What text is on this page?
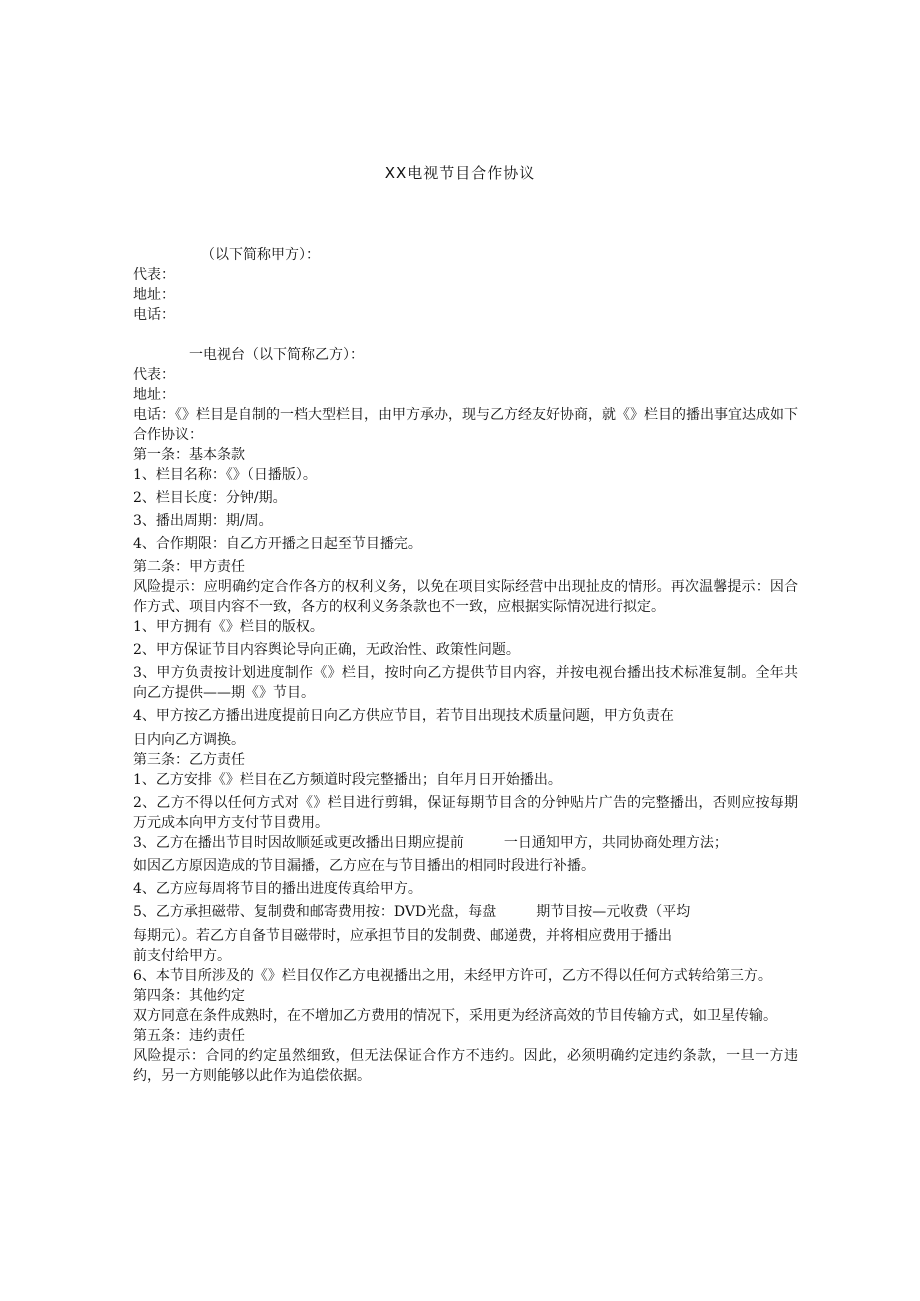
XX电视节目合作协议
（以下简称甲方）：
代表：
地址：
电话：
一电视台（以下简称乙方）：
代表：
地址：
电话：《》栏目是自制的一档大型栏目，由甲方承办，现与乙方经友好协商，就《》栏目的播出事宜达成如下合作协议：
第一条：基本条款
1、栏目名称：《》（日播版）。
2、栏目长度：分钟/期。
3、播出周期：期/周。
4、合作期限：自乙方开播之日起至节目播完。
第二条：甲方责任
风险提示：应明确约定合作各方的权利义务，以免在项目实际经营中出现扯皮的情形。再次温馨提示：因合作方式、项目内容不一致，各方的权利义务条款也不一致，应根据实际情况进行拟定。
1、甲方拥有《》栏目的版权。
2、甲方保证节目内容舆论导向正确，无政治性、政策性问题。
3、甲方负责按计划进度制作《》栏目，按时向乙方提供节目内容，并按电视台播出技术标准复制。全年共向乙方提供——期《》节目。
4、甲方按乙方播出进度提前日向乙方供应节目，若节目出现技术质量问题，甲方负责在
日内向乙方调换。
第三条：乙方责任
1、乙方安排《》栏目在乙方频道时段完整播出；自年月日开始播出。
2、乙方不得以任何方式对《》栏目进行剪辑，保证每期节目含的分钟贴片广告的完整播出，否则应按每期万元成本向甲方支付节目费用。
3、乙方在播出节目时因故顺延或更改播出日期应提前	一日通知甲方，共同协商处理方法；
如因乙方原因造成的节目漏播，乙方应在与节目播出的相同时段进行补播。
4、乙方应每周将节目的播出进度传真给甲方。
5、乙方承担磁带、复制费和邮寄费用按：DVD光盘，每盘	期节目按—元收费（平均
每期元）。若乙方自备节目磁带时，应承担节目的发制费、邮递费，并将相应费用于播出
前支付给甲方。
6、本节目所涉及的《》栏目仅作乙方电视播出之用，未经甲方许可，乙方不得以任何方式转给第三方。
第四条：其他约定
双方同意在条件成熟时，在不增加乙方费用的情况下，采用更为经济高效的节目传输方式，如卫星传输。
第五条：违约责任
风险提示：合同的约定虽然细致，但无法保证合作方不违约。因此，必须明确约定违约条款，一旦一方违约，另一方则能够以此作为追偿依据。
